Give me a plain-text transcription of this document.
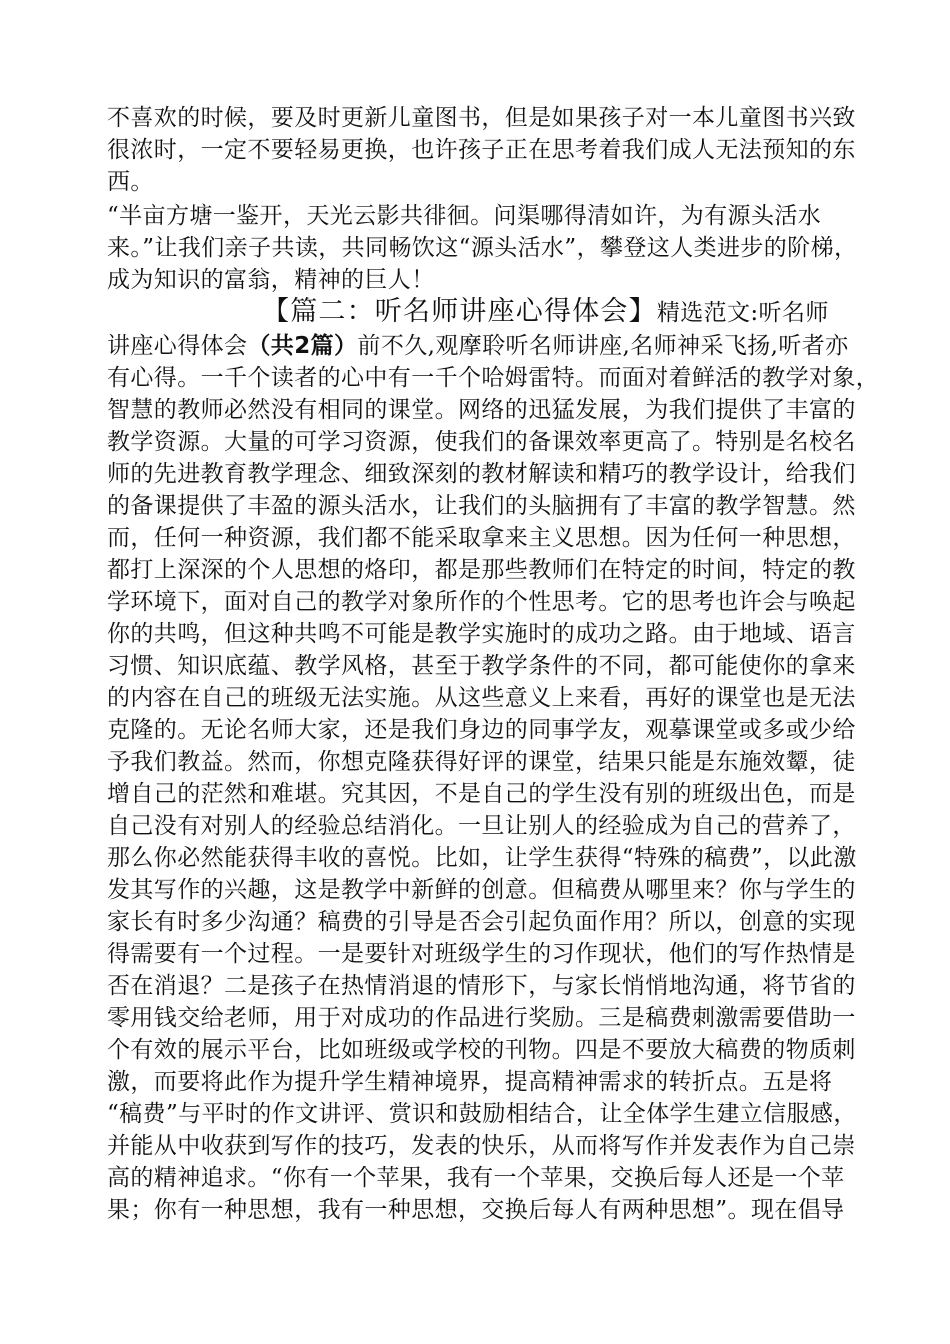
不喜欢的时候，要及时更新儿童图书，但是如果孩子对一本儿童图书兴致
很浓时，一定不要轻易更换，也许孩子正在思考着我们成人无法预知的东
西。
“半亩方塘一鉴开，天光云影共徘徊。问渠哪得清如许，为有源头活水
来。”让我们亲子共读，共同畅饮这“源头活水”，攀登这人类进步的阶梯，
成为知识的富翁，精神的巨人！
【篇二：听名师讲座心得体会】精选范文:听名师
讲座心得体会（共2篇）前不久,观摩聆听名师讲座,名师神采飞扬,听者亦
有心得。一千个读者的心中有一千个哈姆雷特。而面对着鲜活的教学对象，
智慧的教师必然没有相同的课堂。网络的迅猛发展，为我们提供了丰富的
教学资源。大量的可学习资源，使我们的备课效率更高了。特别是名校名
师的先进教育教学理念、细致深刻的教材解读和精巧的教学设计，给我们
的备课提供了丰盈的源头活水，让我们的头脑拥有了丰富的教学智慧。然
而，任何一种资源，我们都不能采取拿来主义思想。因为任何一种思想，
都打上深深的个人思想的烙印，都是那些教师们在特定的时间，特定的教
学环境下，面对自己的教学对象所作的个性思考。它的思考也许会与唤起
你的共鸣，但这种共鸣不可能是教学实施时的成功之路。由于地域、语言
习惯、知识底蕴、教学风格，甚至于教学条件的不同，都可能使你的拿来
的内容在自己的班级无法实施。从这些意义上来看，再好的课堂也是无法
克隆的。无论名师大家，还是我们身边的同事学友，观摹课堂或多或少给
予我们教益。然而，你想克隆获得好评的课堂，结果只能是东施效颦，徒
增自己的茫然和难堪。究其因，不是自己的学生没有别的班级出色，而是
自己没有对别人的经验总结消化。一旦让别人的经验成为自己的营养了，
那么你必然能获得丰收的喜悦。比如，让学生获得“特殊的稿费”，以此激
发其写作的兴趣，这是教学中新鲜的创意。但稿费从哪里来？你与学生的
家长有时多少沟通？稿费的引导是否会引起负面作用？所以，创意的实现
得需要有一个过程。一是要针对班级学生的习作现状，他们的写作热情是
否在消退？二是孩子在热情消退的情形下，与家长悄悄地沟通，将节省的
零用钱交给老师，用于对成功的作品进行奖励。三是稿费刺激需要借助一
个有效的展示平台，比如班级或学校的刊物。四是不要放大稿费的物质刺
激，而要将此作为提升学生精神境界，提高精神需求的转折点。五是将
“稿费”与平时的作文讲评、赏识和鼓励相结合，让全体学生建立信服感，
并能从中收获到写作的技巧，发表的快乐，从而将写作并发表作为自己崇
高的精神追求。“你有一个苹果，我有一个苹果，交换后每人还是一个苹
果；你有一种思想，我有一种思想，交换后每人有两种思想”。现在倡导
